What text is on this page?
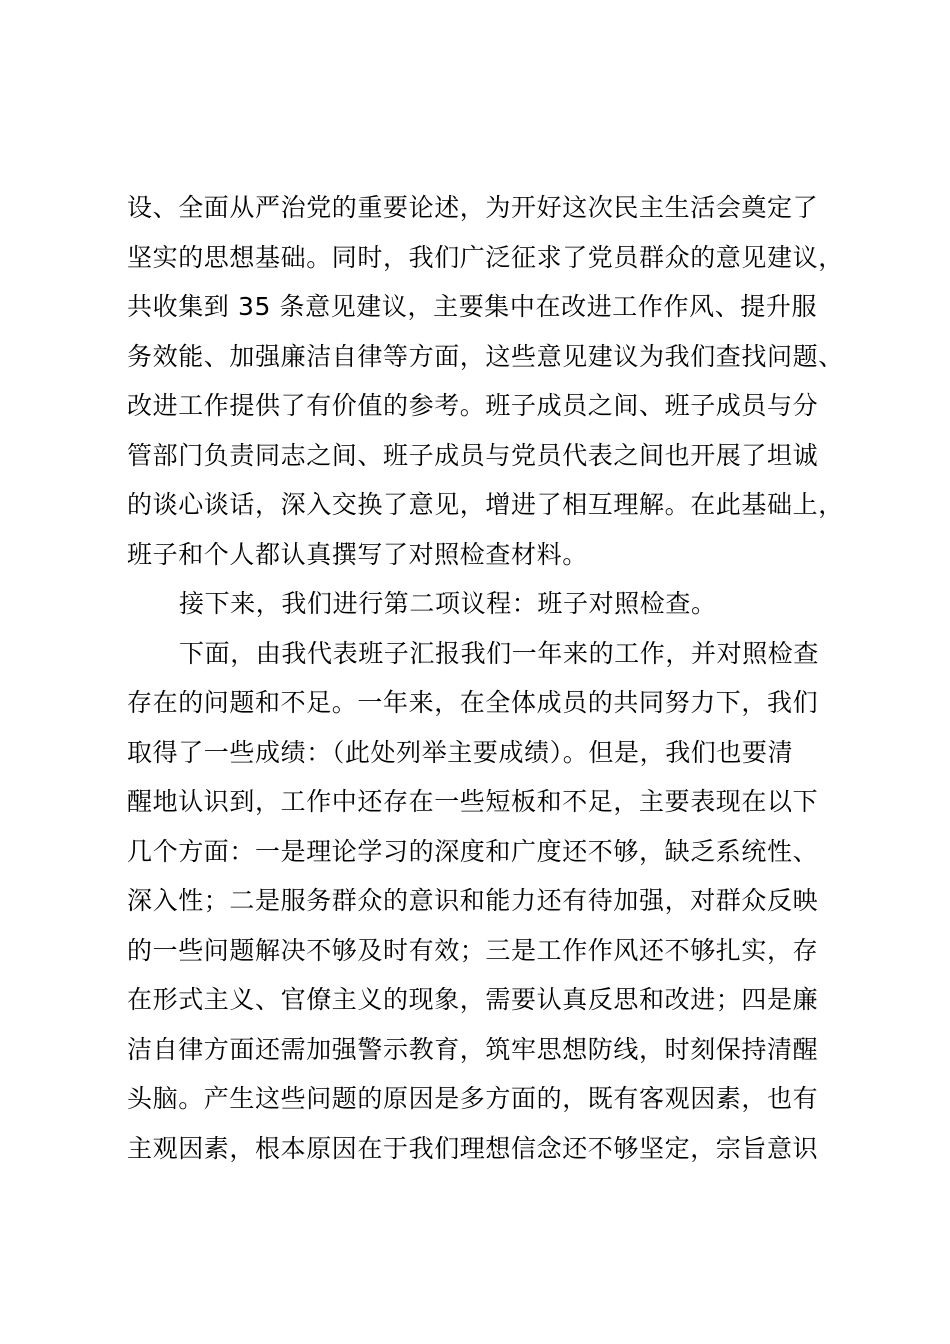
设、全面从严治党的重要论述，为开好这次民主生活会奠定了
坚实的思想基础。同时，我们广泛征求了党员群众的意见建议，
共收集到 35 条意见建议，主要集中在改进工作作风、提升服
务效能、加强廉洁自律等方面，这些意见建议为我们查找问题、
改进工作提供了有价值的参考。班子成员之间、班子成员与分
管部门负责同志之间、班子成员与党员代表之间也开展了坦诚
的谈心谈话，深入交换了意见，增进了相互理解。在此基础上，
班子和个人都认真撰写了对照检查材料。
接下来，我们进行第二项议程：班子对照检查。
下面，由我代表班子汇报我们一年来的工作，并对照检查
存在的问题和不足。一年来，在全体成员的共同努力下，我们
取得了一些成绩：（此处列举主要成绩）。但是，我们也要清
醒地认识到，工作中还存在一些短板和不足，主要表现在以下
几个方面：一是理论学习的深度和广度还不够，缺乏系统性、
深入性；二是服务群众的意识和能力还有待加强，对群众反映
的一些问题解决不够及时有效；三是工作作风还不够扎实，存
在形式主义、官僚主义的现象，需要认真反思和改进；四是廉
洁自律方面还需加强警示教育，筑牢思想防线，时刻保持清醒
头脑。产生这些问题的原因是多方面的，既有客观因素，也有
主观因素，根本原因在于我们理想信念还不够坚定，宗旨意识
